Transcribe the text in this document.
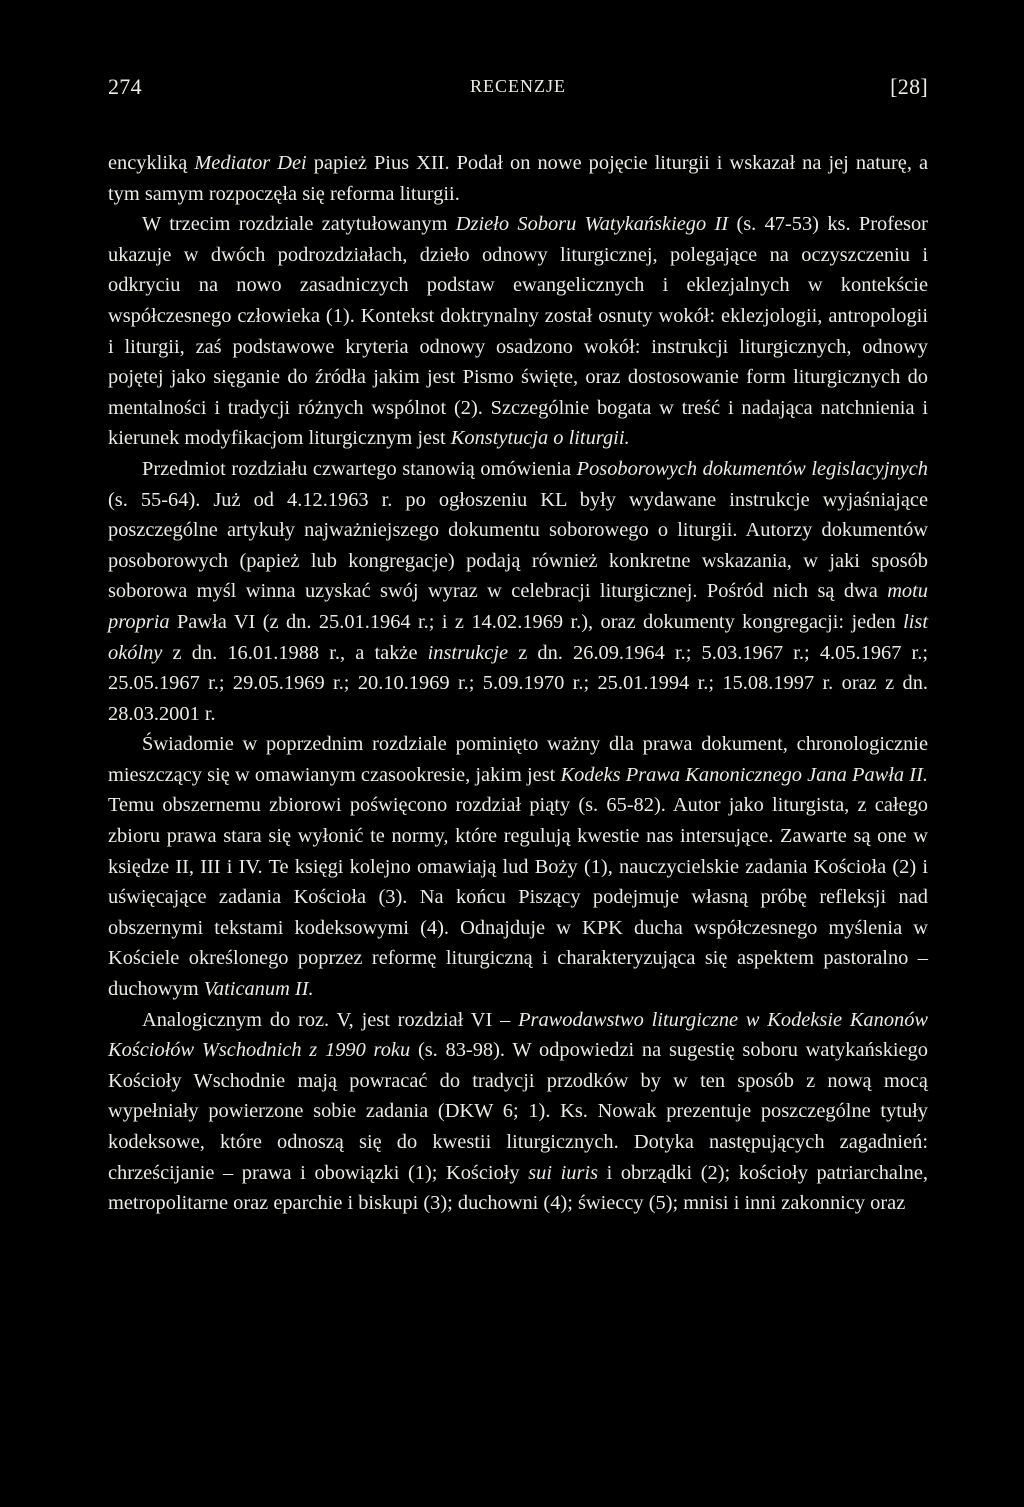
274	RECENZJE	[28]

encykliką Mediator Dei papież Pius XII. Podał on nowe pojęcie liturgii i wskazał na jej naturę, a tym samym rozpoczęła się reforma liturgii.

W trzecim rozdziale zatytułowanym Dzieło Soboru Watykańskiego II (s. 47-53) ks. Profesor ukazuje w dwóch podrozdziałach, dzieło odnowy liturgicznej, polegające na oczyszczeniu i odkryciu na nowo zasadniczych podstaw ewangelicznych i eklezjalnych w kontekście współczesnego człowieka (1). Kontekst doktrynalny został osnuty wokół: eklezjologii, antropologii i liturgii, zaś podstawowe kryteria odnowy osadzono wokół: instrukcji liturgicznych, odnowy pojętej jako sięganie do źródła jakim jest Pismo święte, oraz dostosowanie form liturgicznych do mentalności i tradycji różnych wspólnot (2). Szczególnie bogata w treść i nadająca natchnienia i kierunek modyfikacjom liturgicznym jest Konstytucja o liturgii.

Przedmiot rozdziału czwartego stanowią omówienia Posoborowych dokumentów legislacyjnych (s. 55-64). Już od 4.12.1963 r. po ogłoszeniu KL były wydawane instrukcje wyjaśniające poszczególne artykuły najważniejszego dokumentu soborowego o liturgii. Autorzy dokumentów posoborowych (papież lub kongregacje) podają również konkretne wskazania, w jaki sposób soborowa myśl winna uzyskać swój wyraz w celebracji liturgicznej. Pośród nich są dwa motu propria Pawła VI (z dn. 25.01.1964 r.; i z 14.02.1969 r.), oraz dokumenty kongregacji: jeden list okólny z dn. 16.01.1988 r., a także instrukcje z dn. 26.09.1964 r.; 5.03.1967 r.; 4.05.1967 r.; 25.05.1967 r.; 29.05.1969 r.; 20.10.1969 r.; 5.09.1970 r.; 25.01.1994 r.; 15.08.1997 r. oraz z dn. 28.03.2001 r.

Świadomie w poprzednim rozdziale pominięto ważny dla prawa dokument, chronologicznie mieszczący się w omawianym czasookresie, jakim jest Kodeks Prawa Kanonicznego Jana Pawła II. Temu obszernemu zbiorowi poświęcono rozdział piąty (s. 65-82). Autor jako liturgista, z całego zbioru prawa stara się wyłonić te normy, które regulują kwestie nas intersujące. Zawarte są one w księdze II, III i IV. Te księgi kolejno omawiają lud Boży (1), nauczycielskie zadania Kościoła (2) i uświęcające zadania Kościoła (3). Na końcu Piszący podejmuje własną próbę refleksji nad obszernymi tekstami kodeksowymi (4). Odnajduje w KPK ducha współczesnego myślenia w Kościele określonego poprzez reformę liturgiczną i charakteryzująca się aspektem pastoralno – duchowym Vaticanum II.

Analogicznym do roz. V, jest rozdział VI – Prawodawstwo liturgiczne w Kodeksie Kanonów Kościołów Wschodnich z 1990 roku (s. 83-98). W odpowiedzi na sugestię soboru watykańskiego Kościoły Wschodnie mają powracać do tradycji przodków by w ten sposób z nową mocą wypełniały powierzone sobie zadania (DKW 6; 1). Ks. Nowak prezentuje poszczególne tytuły kodeksowe, które odnoszą się do kwestii liturgicznych. Dotyka następujących zagadnień: chrześcijanie – prawa i obowiązki (1); Kościoły sui iuris i obrządki (2); kościoły patriarchalne, metropolitarne oraz eparchie i biskupi (3); duchowni (4); świeccy (5); mnisi i inni zakonnicy oraz
